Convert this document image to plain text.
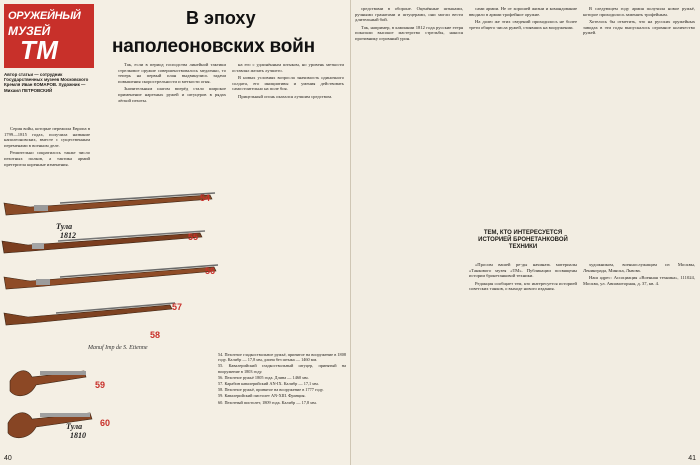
ОРУЖЕЙНЫЙ
МУЗЕЙ
ТМ
В эпоху
наполеоновских войн
Автор статьи — сотрудник Государственных музеев Московского Кремля Иван КОМАРОВ. Художник — Михаил ПЕТРОВСКИЙ

Серия войн, которые пережила Европа в 1799—1815 годах, получила название наполеоновских, вместе с существенным переменами в военном деле.

Решительно сократилось также число пехотных полков, а тактика армий претерпела коренные изменения.

Так, если в период господства линейной тактики стрелковое оружие совершенствовалось медленно, то теперь на первый план выдвинулись задачи повышения скорострельности и меткости огня.

Значительным шагом вперёд стало широкое применение нарезных ружей и штуцеров в рядах лёгкой пехоты.

на его с удлинённым штыком, но уровень меткости оставлял желать лучшего.

В новых условиях возросла значимость одиночного солдата, его инициативы и умения действовать самостоятельно на поле боя.

Прицельный огонь оказался лучшим средством.

Тула
1812
Manuf Imp de S. Etienne
Тула
1810
54
55
56
57
58
59
60

54. Пехотное гладкоствольное ружьё, принятое на вооружение в 1808 году. Калибр — 17,8 мм, длина без штыка — 1460 мм.

55. Кавалерийский гладкоствольный штуцер, принятый на вооружение в 1803 году.

56. Пехотное ружьё 1805 года. Длина — 1460 мм.

57. Карабин кавалерийский AN-IX. Калибр — 17,1 мм.

58. Пехотное ружьё, принятое на вооружение в 1777 году.

59. Кавалерийский пистолет AN-XIII. Франция.

60. Пехотный пистолет, 1809 года. Калибр — 17,8 мм.

40

средствами в обороне. Оценённые штыками, ручными гранатами и штуцерами, они могли вести длительный бой.

Так, например, в кампании 1812 года русские егеря показали высокое мастерство стрельбы, нанося противнику огромный урон.

сами армии. Не от хорошей жизни и командование вводило в армии трофейное оружие.

На долю же этих сведений приходилось не более трети общего числа ружей, стоявших на вооружении.

ТЕМ, КТО ИНТЕРЕСУЕТСЯ ИСТОРИЕЙ БРОНЕТАНКОВОЙ ТЕХНИКИ

«Просим вашей ре-ды начинать материалы «Танкового музея «ТМ». Публикации посвящены истории бронетанковой техники.

Редакция сообщает тем, кто интересуется историей советских танков, о выходе нового издания.

В следующем году армия получила новое ружьё, которое приходилось заменять трофейным.

Хотелось бы отметить, что на русских оружейных заводах в эти годы выпускалось огромное количество ружей.

художником, военнослужащим из Москвы, Ленинграда, Минска, Львова.

Наш адрес: Ассоциация «Военная техника», 111024, Москва, ул. Авиамоторная, д. 37, кв. 4.

41
